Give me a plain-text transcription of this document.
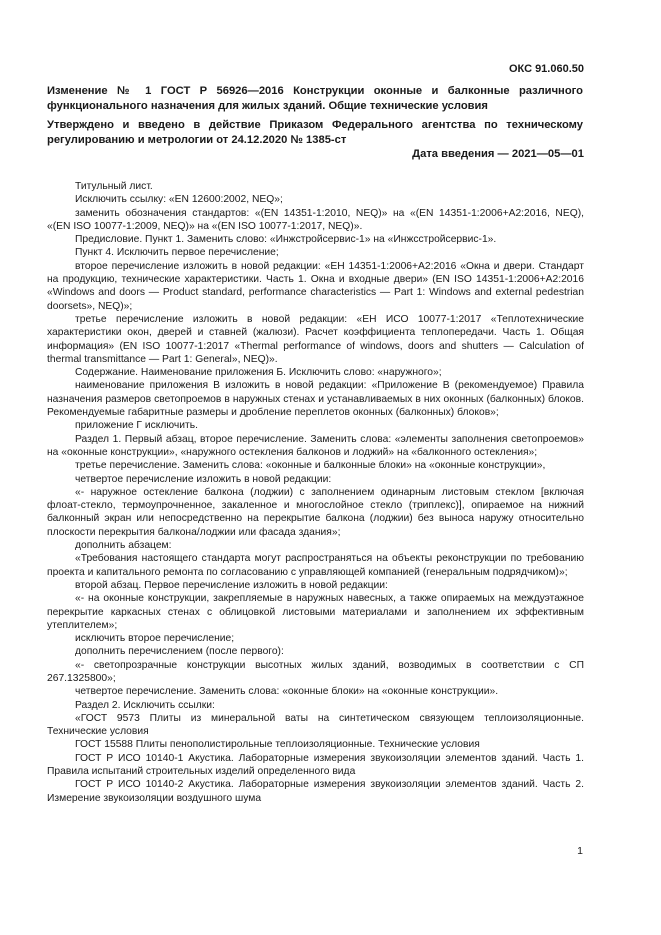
ОКС 91.060.50
Изменение № 1 ГОСТ Р 56926—2016 Конструкции оконные и балконные различного функционального назначения для жилых зданий. Общие технические условия
Утверждено и введено в действие Приказом Федерального агентства по техническому регулированию и метрологии от 24.12.2020 № 1385-ст
Дата введения — 2021—05—01

Титульный лист.

Исключить ссылку: «EN 12600:2002, NEQ»;

заменить обозначения стандартов: «(EN 14351-1:2010, NEQ)» на «(EN 14351-1:2006+A2:2016, NEQ), «(EN ISO 10077-1:2009, NEQ)» на «(EN ISO 10077-1:2017, NEQ)».

Предисловие. Пункт 1. Заменить слово: «Инжстройсервис-1» на «Инжсстройсервис-1».

Пункт 4. Исключить первое перечисление;

второе перечисление изложить в новой редакции: «EH 14351-1:2006+A2:2016 «Окна и двери. Стандарт на продукцию, технические характеристики. Часть 1. Окна и входные двери» (EN ISO 14351-1:2006+A2:2016 «Windows and doors — Product standard, performance characteristics — Part 1: Windows and external pedestrian doorsets», NEQ)»;

третье перечисление изложить в новой редакции: «ЕН ИСО 10077-1:2017 «Теплотехнические характеристики окон, дверей и ставней (жалюзи). Расчет коэффициента теплопередачи. Часть 1. Общая информация» (EN ISO 10077-1:2017 «Thermal performance of windows, doors and shutters — Calculation of thermal transmittance — Part 1: General», NEQ)».

Содержание. Наименование приложения Б. Исключить слово: «наружного»;

наименование приложения В изложить в новой редакции: «Приложение В (рекомендуемое) Правила назначения размеров светопроемов в наружных стенах и устанавливаемых в них оконных (балконных) блоков. Рекомендуемые габаритные размеры и дробление переплетов оконных (балконных) блоков»;

приложение Г исключить.

Раздел 1. Первый абзац, второе перечисление. Заменить слова: «элементы заполнения светопроемов» на «оконные конструкции», «наружного остекления балконов и лоджий» на «балконного остекления»;

третье перечисление. Заменить слова: «оконные и балконные блоки» на «оконные конструкции»,

четвертое перечисление изложить в новой редакции:

«- наружное остекление балкона (лоджии) с заполнением одинарным листовым стеклом [включая флоат-стекло, термоупрочненное, закаленное и многослойное стекло (триплекс)], опираемое на нижний балконный экран или непосредственно на перекрытие балкона (лоджии) без выноса наружу относительно плоскости перекрытия балкона/лоджии или фасада здания»;

дополнить абзацем:

«Требования настоящего стандарта могут распространяться на объекты реконструкции по требованию проекта и капитального ремонта по согласованию с управляющей компанией (генеральным подрядчиком)»;

второй абзац. Первое перечисление изложить в новой редакции:

«- на оконные конструкции, закрепляемые в наружных навесных, а также опираемых на междуэтажное перекрытие каркасных стенах с облицовкой листовыми материалами и заполнением их эффективным утеплителем»;

исключить второе перечисление;

дополнить перечислением (после первого):

«- светопрозрачные конструкции высотных жилых зданий, возводимых в соответствии с СП 267.1325800»;

четвертое перечисление. Заменить слова: «оконные блоки» на «оконные конструкции».

Раздел 2. Исключить ссылки:

«ГОСТ 9573 Плиты из минеральной ваты на синтетическом связующем теплоизоляционные. Технические условия

ГОСТ 15588 Плиты пенополистирольные теплоизоляционные. Технические условия

ГОСТ Р ИСО 10140-1 Акустика. Лабораторные измерения звукоизоляции элементов зданий. Часть 1. Правила испытаний строительных изделий определенного вида

ГОСТ Р ИСО 10140-2 Акустика. Лабораторные измерения звукоизоляции элементов зданий. Часть 2. Измерение звукоизоляции воздушного шума

1
